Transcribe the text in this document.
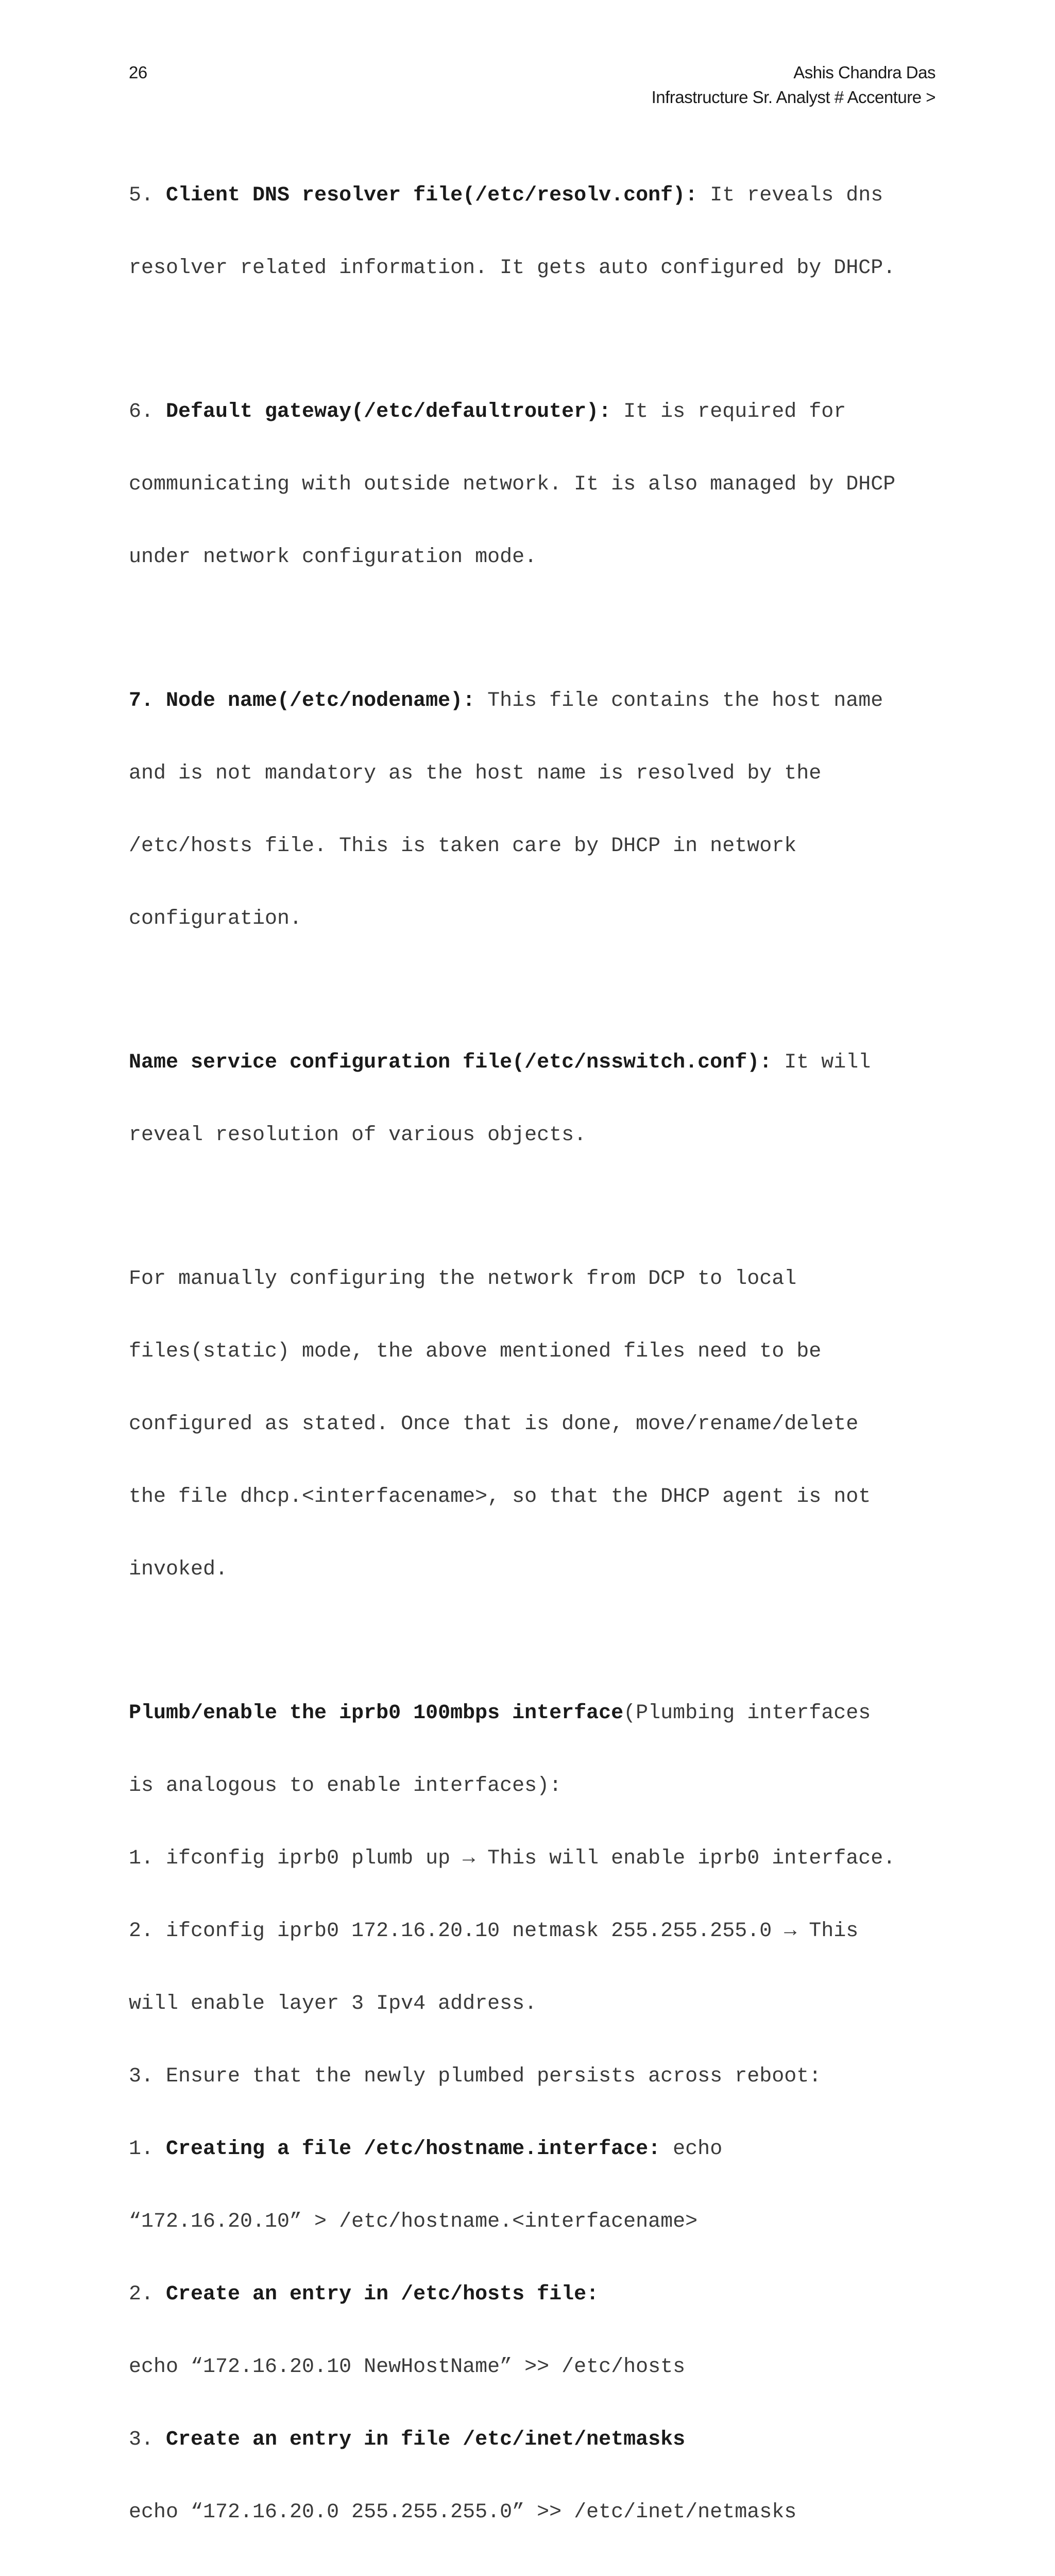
26	Ashis Chandra Das
Infrastructure Sr. Analyst # Accenture >

5. Client DNS resolver file(/etc/resolv.conf): It reveals dns

resolver related information. It gets auto configured by DHCP.

6. Default gateway(/etc/defaultrouter): It is required for

communicating with outside network. It is also managed by DHCP

under network configuration mode.

7. Node name(/etc/nodename): This file contains the host name

and is not mandatory as the host name is resolved by the

/etc/hosts file. This is taken care by DHCP in network

configuration.

Name service configuration file(/etc/nsswitch.conf): It will

reveal resolution of various objects.

For manually configuring the network from DCP to local

files(static) mode, the above mentioned files need to be

configured as stated. Once that is done, move/rename/delete

the file dhcp.<interfacename>, so that the DHCP agent is not

invoked.

Plumb/enable the iprb0 100mbps interface(Plumbing interfaces

is analogous to enable interfaces):

1. ifconfig iprb0 plumb up → This will enable iprb0 interface.

2. ifconfig iprb0 172.16.20.10 netmask 255.255.255.0 → This

will enable layer 3 Ipv4 address.

3. Ensure that the newly plumbed persists across reboot:

1. Creating a file /etc/hostname.interface: echo

“172.16.20.10” > /etc/hostname.<interfacename>

2. Create an entry in /etc/hosts file:

echo “172.16.20.10 NewHostName” >> /etc/hosts

3. Create an entry in file /etc/inet/netmasks

echo “172.16.20.0 255.255.255.0” >> /etc/inet/netmasks
